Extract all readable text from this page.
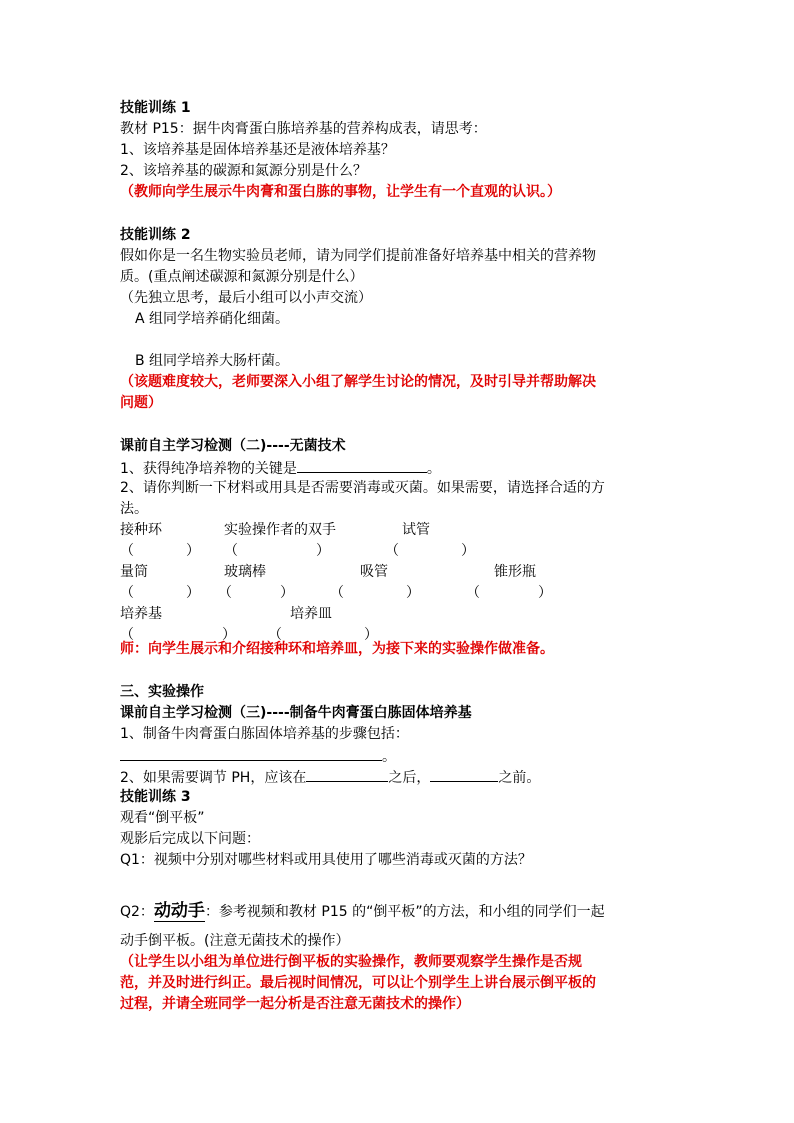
技能训练 1
教材 P15：据牛肉膏蛋白胨培养基的营养构成表，请思考：
1、该培养基是固体培养基还是液体培养基？
2、该培养基的碳源和氮源分别是什么？
（教师向学生展示牛肉膏和蛋白胨的事物，让学生有一个直观的认识。）
技能训练 2
假如你是一名生物实验员老师，请为同学们提前准备好培养基中相关的营养物
质。(重点阐述碳源和氮源分别是什么）
（先独立思考，最后小组可以小声交流）
A 组同学培养硝化细菌。
B 组同学培养大肠杆菌。
（该题难度较大，老师要深入小组了解学生讨论的情况，及时引导并帮助解决
问题）
课前自主学习检测（二)----无菌技术
1、获得纯净培养物的关键是	。
2、请你判断一下材料或用具是否需要消毒或灭菌。如果需要，请选择合适的方
法。
接种环	实验操作者的双手	试管
（	） （	）	（	）
量筒	玻璃棒	吸管	锥形瓶
（	） （	）	（	）	（	）
培养基	培养皿
（	） （	）
师：向学生展示和介绍接种环和培养皿，为接下来的实验操作做准备。
三、实验操作
课前自主学习检测（三)----制备牛肉膏蛋白胨固体培养基
1、制备牛肉膏蛋白胨固体培养基的步骤包括：
。
2、如果需要调节 PH，应该在	之后，	之前。
技能训练 3
观看“倒平板”
观影后完成以下问题：
Q1：视频中分别对哪些材料或用具使用了哪些消毒或灭菌的方法？
Q2：动动手：参考视频和教材 P15 的“倒平板”的方法，和小组的同学们一起
动手倒平板。(注意无菌技术的操作）
（让学生以小组为单位进行倒平板的实验操作，教师要观察学生操作是否规
范，并及时进行纠正。最后视时间情况，可以让个别学生上讲台展示倒平板的
过程，并请全班同学一起分析是否注意无菌技术的操作）
